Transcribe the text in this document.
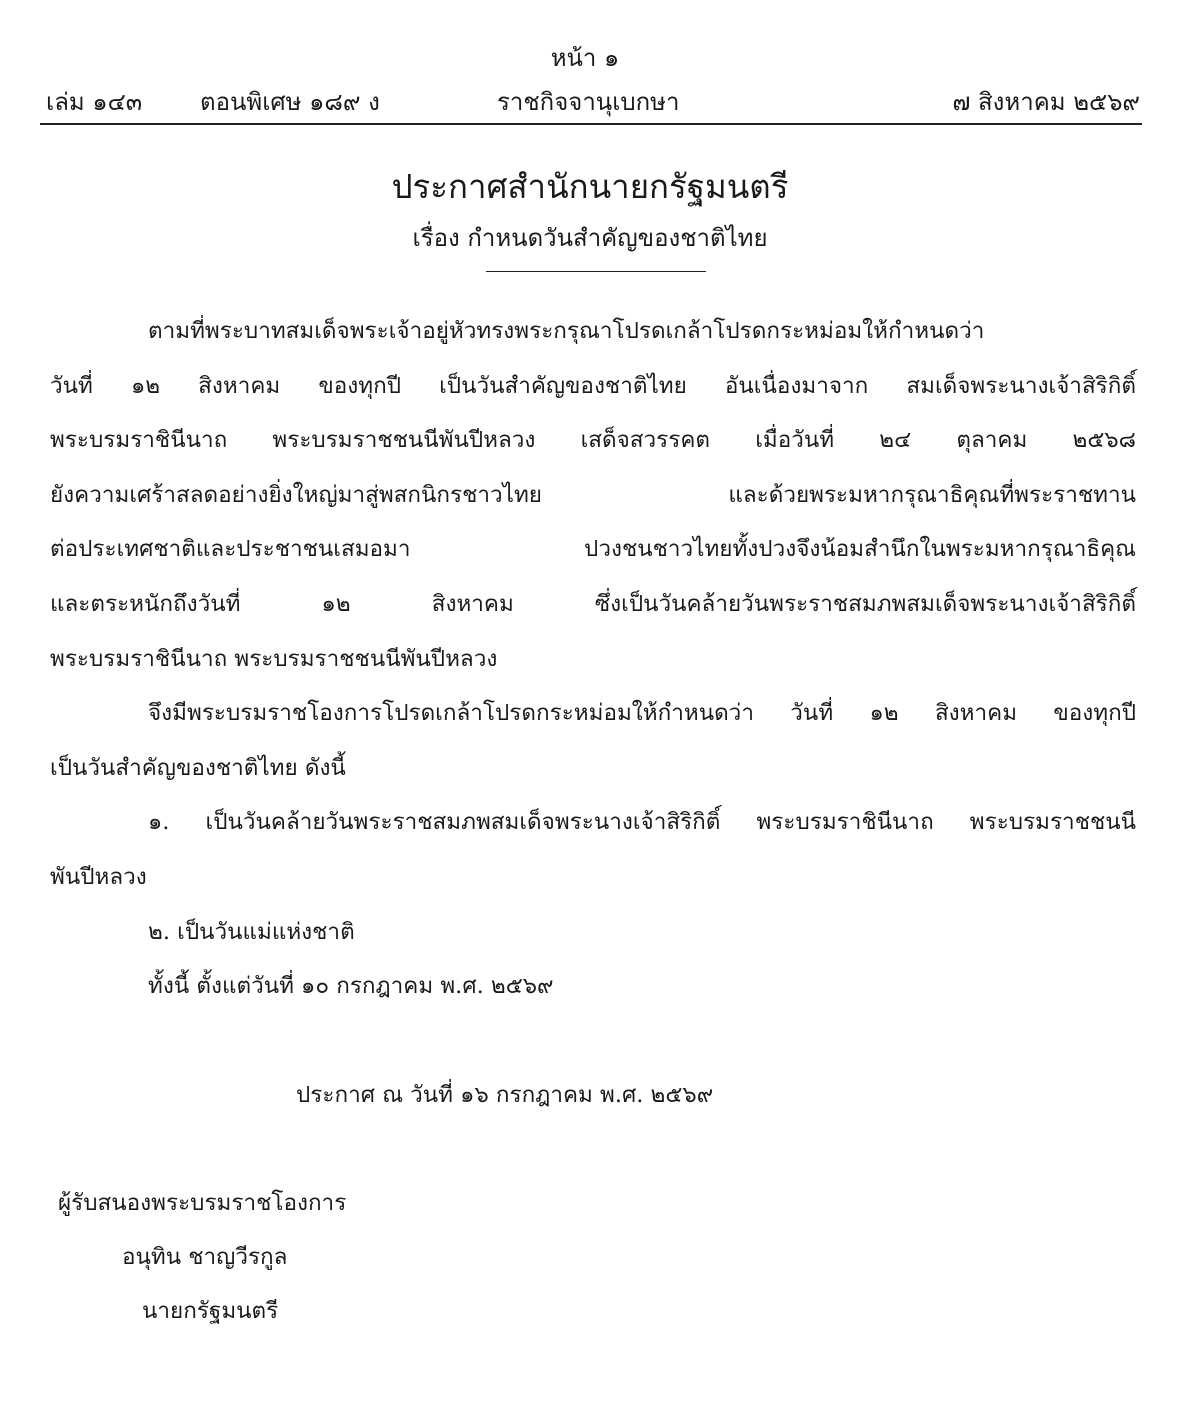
หน้า ๑
เล่ม ๑๔๓ ตอนพิเศษ ๑๘๙ ง	ราชกิจจานุเบกษา	๗ สิงหาคม ๒๕๖๙
ประกาศสำนักนายกรัฐมนตรี
เรื่อง กำหนดวันสำคัญของชาติไทย
ตามที่พระบาทสมเด็จพระเจ้าอยู่หัวทรงพระกรุณาโปรดเกล้าโปรดกระหม่อมให้กำหนดว่า
วันที่ ๑๒ สิงหาคม ของทุกปี เป็นวันสำคัญของชาติไทย อันเนื่องมาจาก สมเด็จพระนางเจ้าสิริกิติ์
พระบรมราชินีนาถ พระบรมราชชนนีพันปีหลวง เสด็จสวรรคต เมื่อวันที่ ๒๔ ตุลาคม ๒๕๖๘
ยังความเศร้าสลดอย่างยิ่งใหญ่มาสู่พสกนิกรชาวไทย และด้วยพระมหากรุณาธิคุณที่พระราชทาน
ต่อประเทศชาติและประชาชนเสมอมา ปวงชนชาวไทยทั้งปวงจึงน้อมสำนึกในพระมหากรุณาธิคุณ
และตระหนักถึงวันที่ ๑๒ สิงหาคม ซึ่งเป็นวันคล้ายวันพระราชสมภพสมเด็จพระนางเจ้าสิริกิติ์
พระบรมราชินีนาถ พระบรมราชชนนีพันปีหลวง
จึงมีพระบรมราชโองการโปรดเกล้าโปรดกระหม่อมให้กำหนดว่า วันที่ ๑๒ สิงหาคม ของทุกปี
เป็นวันสำคัญของชาติไทย ดังนี้
๑. เป็นวันคล้ายวันพระราชสมภพสมเด็จพระนางเจ้าสิริกิติ์ พระบรมราชินีนาถ พระบรมราชชนนี
พันปีหลวง
๒. เป็นวันแม่แห่งชาติ
ทั้งนี้ ตั้งแต่วันที่ ๑๐ กรกฎาคม พ.ศ. ๒๕๖๙
ประกาศ ณ วันที่ ๑๖ กรกฎาคม พ.ศ. ๒๕๖๙
ผู้รับสนองพระบรมราชโองการ
อนุทิน ชาญวีรกูล
นายกรัฐมนตรี
